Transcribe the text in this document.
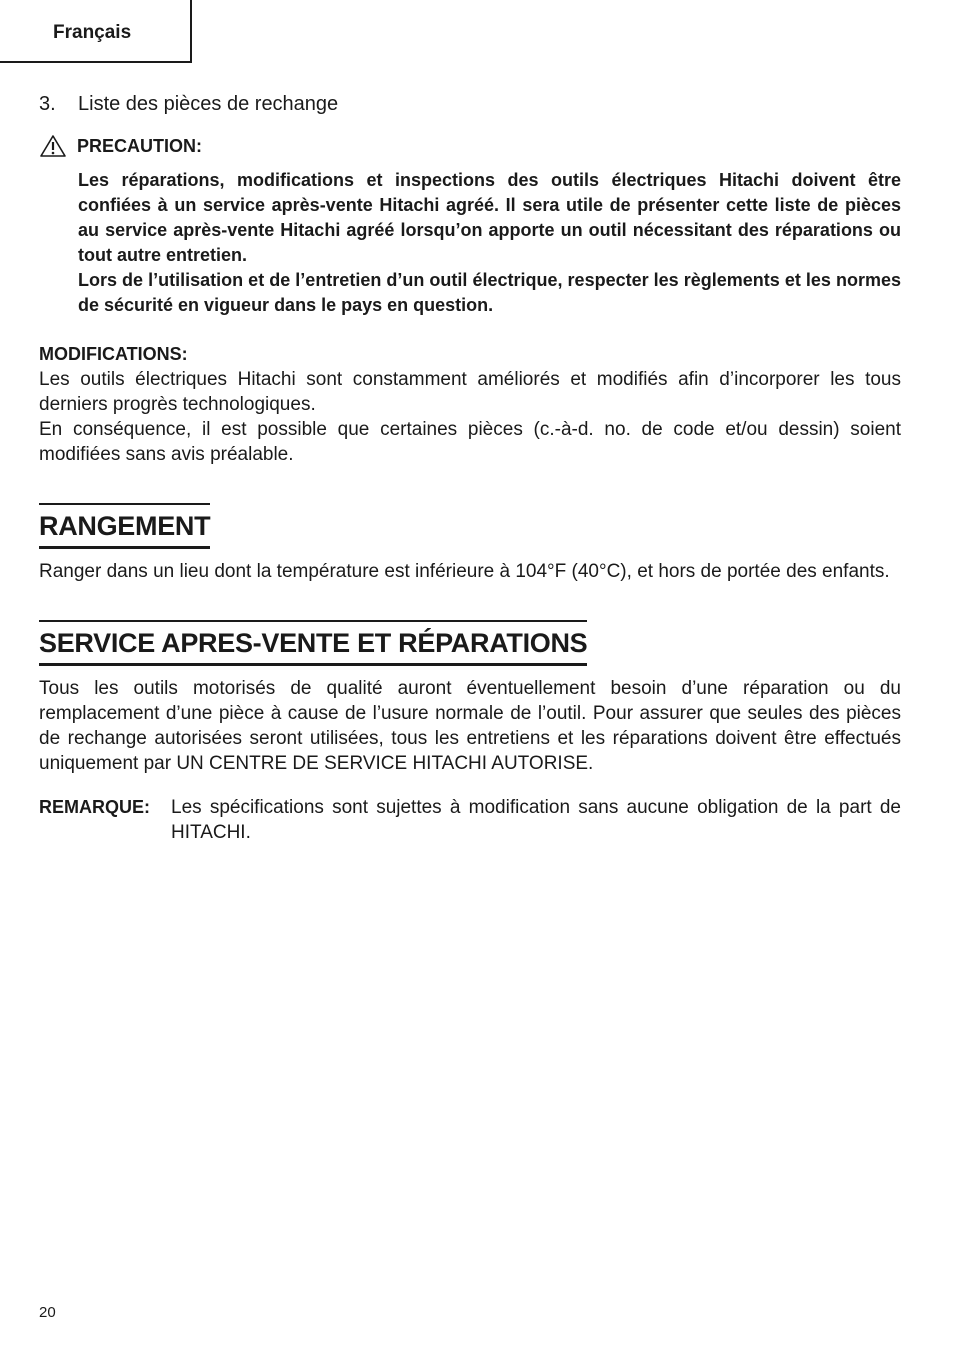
Français

3. Liste des pièces de rechange

PRECAUTION:

Les réparations, modifications et inspections des outils électriques Hitachi doivent être confiées à un service après-vente Hitachi agréé. Il sera utile de présenter cette liste de pièces au service après-vente Hitachi agréé lorsqu’on apporte un outil nécessitant des réparations ou tout autre entretien.

Lors de l’utilisation et de l’entretien d’un outil électrique, respecter les règlements et les normes de sécurité en vigueur dans le pays en question.

MODIFICATIONS:

Les outils électriques Hitachi sont constamment améliorés et modifiés afin d’incorporer les tous derniers progrès technologiques.

En conséquence, il est possible que certaines pièces (c.-à-d. no. de code et/ou dessin) soient modifiées sans avis préalable.

RANGEMENT
Ranger dans un lieu dont la température est inférieure à 104°F (40°C), et hors de portée des enfants.
SERVICE APRES-VENTE ET RÉPARATIONS
Tous les outils motorisés de qualité auront éventuellement besoin d’une réparation ou du remplacement d’une pièce à cause de l’usure normale de l’outil. Pour assurer que seules des pièces de rechange autorisées seront utilisées, tous les entretiens et les réparations doivent être effectués uniquement par UN CENTRE DE SERVICE HITACHI AUTORISE.
REMARQUE:	Les spécifications sont sujettes à modification sans aucune obligation de la part de HITACHI.
20
